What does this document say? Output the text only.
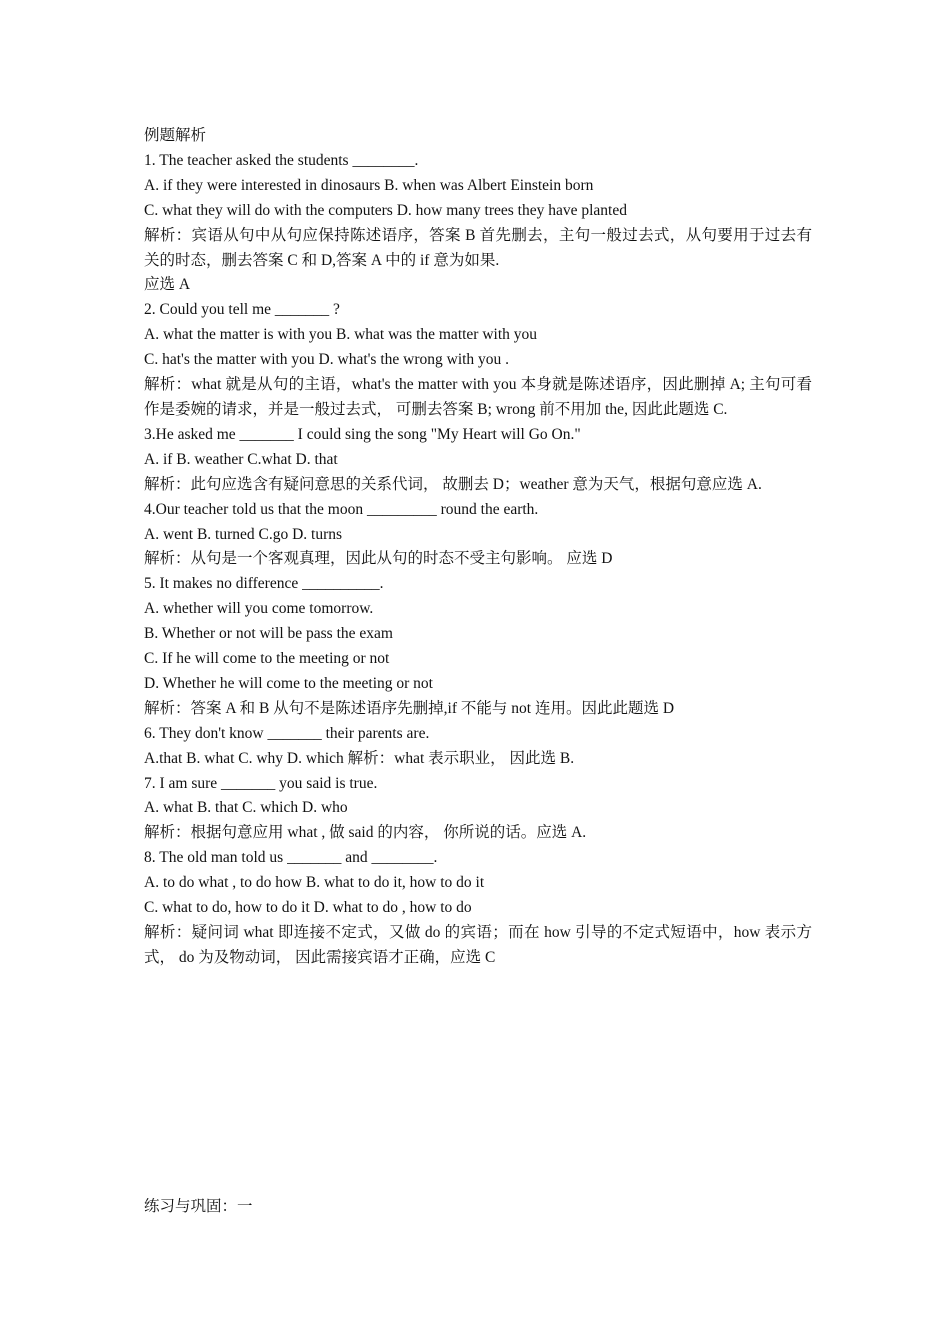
例题解析

1. The teacher asked the students ________.

A. if they were interested in dinosaurs B. when was Albert Einstein born

C. what they will do with the computers D. how many trees they have planted

解析：宾语从句中从句应保持陈述语序，答案 B 首先删去，主句一般过去式，从句要用于过去有关的时态，删去答案 C 和 D,答案 A 中的 if 意为如果.

应选 A

2. Could you tell me _______ ?

A. what the matter is with you B. what was the matter with you

C. hat's the matter with you D. what's the wrong with you .

解析：what 就是从句的主语，what's the matter with you 本身就是陈述语序，因此删掉 A; 主句可看作是委婉的请求，并是一般过去式， 可删去答案 B; wrong 前不用加 the, 因此此题选 C.

3.He asked me _______ I could sing the song "My Heart will Go On."

A. if B. weather C.what D. that

解析：此句应选含有疑问意思的关系代词， 故删去 D；weather 意为天气，根据句意应选 A.

4.Our teacher told us that the moon _________ round the earth.

A. went B. turned C.go D. turns

解析：从句是一个客观真理，因此从句的时态不受主句影响。 应选 D

5. It makes no difference __________.

A. whether will you come tomorrow.

B. Whether or not will be pass the exam

C. If he will come to the meeting or not

D. Whether he will come to the meeting or not

解析：答案 A 和 B 从句不是陈述语序先删掉,if 不能与 not 连用。因此此题选 D

6. They don't know _______ their parents are.

A.that B. what C. why D. which 解析：what 表示职业， 因此选 B.

7. I am sure _______ you said is true.

A. what B. that C. which D. who

解析：根据句意应用 what , 做 said 的内容， 你所说的话。应选 A.

8. The old man told us _______ and ________.

A. to do what , to do how B. what to do it, how to do it

C. what to do, how to do it D. what to do , how to do

解析：疑问词 what 即连接不定式，又做 do 的宾语；而在 how 引导的不定式短语中，how 表示方式， do 为及物动词， 因此需接宾语才正确，应选 C

练习与巩固：一
